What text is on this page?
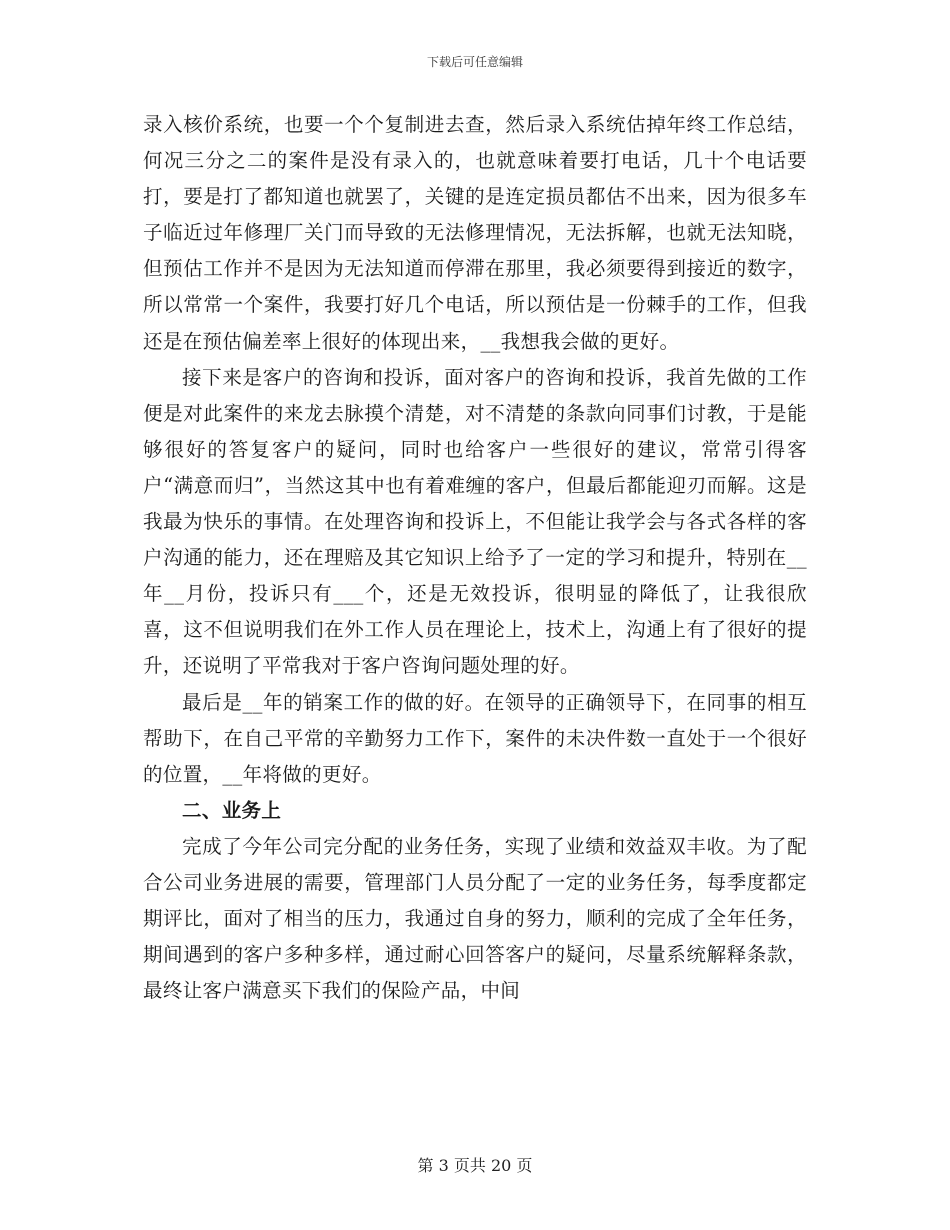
下载后可任意编辑

录入核价系统，也要一个个复制进去查，然后录入系统估掉年终工作总结，何况三分之二的案件是没有录入的，也就意味着要打电话，几十个电话要打，要是打了都知道也就罢了，关键的是连定损员都估不出来，因为很多车子临近过年修理厂关门而导致的无法修理情况，无法拆解，也就无法知晓，但预估工作并不是因为无法知道而停滞在那里，我必须要得到接近的数字，所以常常一个案件，我要打好几个电话，所以预估是一份棘手的工作，但我还是在预估偏差率上很好的体现出来，__我想我会做的更好。

接下来是客户的咨询和投诉，面对客户的咨询和投诉，我首先做的工作便是对此案件的来龙去脉摸个清楚，对不清楚的条款向同事们讨教，于是能够很好的答复客户的疑问，同时也给客户一些很好的建议，常常引得客户“满意而归”，当然这其中也有着难缠的客户，但最后都能迎刃而解。这是我最为快乐的事情。在处理咨询和投诉上，不但能让我学会与各式各样的客户沟通的能力，还在理赔及其它知识上给予了一定的学习和提升，特别在__年__月份，投诉只有___个，还是无效投诉，很明显的降低了，让我很欣喜，这不但说明我们在外工作人员在理论上，技术上，沟通上有了很好的提升，还说明了平常我对于客户咨询问题处理的好。

最后是__年的销案工作的做的好。在领导的正确领导下，在同事的相互帮助下，在自己平常的辛勤努力工作下，案件的未决件数一直处于一个很好的位置，__年将做的更好。

二、业务上

完成了今年公司完分配的业务任务，实现了业绩和效益双丰收。为了配合公司业务进展的需要，管理部门人员分配了一定的业务任务，每季度都定期评比，面对了相当的压力，我通过自身的努力，顺利的完成了全年任务，期间遇到的客户多种多样，通过耐心回答客户的疑问，尽量系统解释条款，最终让客户满意买下我们的保险产品，中间

第 3 页共 20 页
